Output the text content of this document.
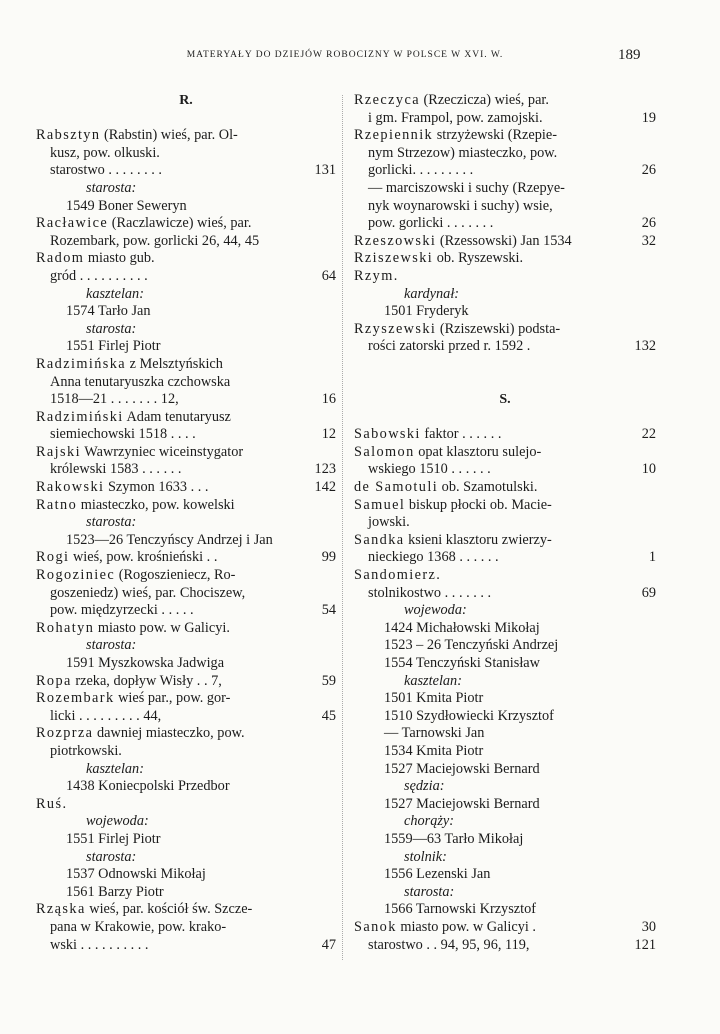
MATERYAŁY DO DZIEJÓW ROBOCIZNY W POLSCE W XVI. W.	189
R.
Rabsztyn (Rabstin) wieś, par. Ol-
kusz, pow. olkuski.
starostwo . . . . . . . .	131
starosta:
1549 Boner Seweryn
Racławice (Raczlawicze) wieś, par.
Rozembark, pow. gorlicki 26, 44, 45
Radom miasto gub.
gród . . . . . . . . . .	64
kasztelan:
1574 Tarło Jan
starosta:
1551 Firlej Piotr
Radzimińska z Melsztyńskich
Anna tenutaryuszka czchowska
1518—21 . . . . . . . 12,	16
Radzimiński Adam tenutaryusz
siemiechowski 1518 . . . .	12
Rajski Wawrzyniec wiceinstygator
królewski 1583 . . . . . .	123
Rakowski Szymon 1633 . . .	142
Ratno miasteczko, pow. kowelski
starosta:
1523—26 Tenczyńscy Andrzej i Jan
Rogi wieś, pow. krośnieński . .	99
Rogoziniec (Rogoszieniecz, Ro-
goszeniedz) wieś, par. Chociszew,
pow. międzyrzecki . . . . .	54
Rohatyn miasto pow. w Galicyi.
starosta:
1591 Myszkowska Jadwiga
Ropa rzeka, dopływ Wisły . . 7,	59
Rozembark wieś par., pow. gor-
licki . . . . . . . . . 44,	45
Rozprza dawniej miasteczko, pow.
piotrkowski.
kasztelan:
1438 Koniecpolski Przedbor
Ruś.
wojewoda:
1551 Firlej Piotr
starosta:
1537 Odnowski Mikołaj
1561 Barzy Piotr
Rząska wieś, par. kościół św. Szcze-
pana w Krakowie, pow. krako-
wski . . . . . . . . . .	47
Rzeczyca (Rzeczicza) wieś, par.
i gm. Frampol, pow. zamojski.	19
Rzepiennik strzyżewski (Rzepie-
nym Strzezow) miasteczko, pow.
gorlicki. . . . . . . . .	26
— marciszowski i suchy (Rzepye-
nyk woynarowski i suchy) wsie,
pow. gorlicki . . . . . . .	26
Rzeszowski (Rzessowski) Jan 1534	32
Rziszewski ob. Ryszewski.
Rzym.
kardynał:
1501 Fryderyk
Rzyszewski (Rziszewski) podsta-
rości zatorski przed r. 1592 .	132
S.
Sabowski faktor . . . . . .	22
Salomon opat klasztoru sulejo-
wskiego 1510 . . . . . .	10
de Samotuli ob. Szamotulski.
Samuel biskup płocki ob. Macie-
jowski.
Sandka ksieni klasztoru zwierzy-
nieckiego 1368 . . . . . .	1
Sandomierz.
stolnikostwo . . . . . . .	69
wojewoda:
1424 Michałowski Mikołaj
1523 – 26 Tenczyński Andrzej
1554 Tenczyński Stanisław
kasztelan:
1501 Kmita Piotr
1510 Szydłowiecki Krzysztof
— Tarnowski Jan
1534 Kmita Piotr
1527 Maciejowski Bernard
sędzia:
1527 Maciejowski Bernard
chorąży:
1559—63 Tarło Mikołaj
stolnik:
1556 Lezenski Jan
starosta:
1566 Tarnowski Krzysztof
Sanok miasto pow. w Galicyi .	30
starostwo . . 94, 95, 96, 119,	121
